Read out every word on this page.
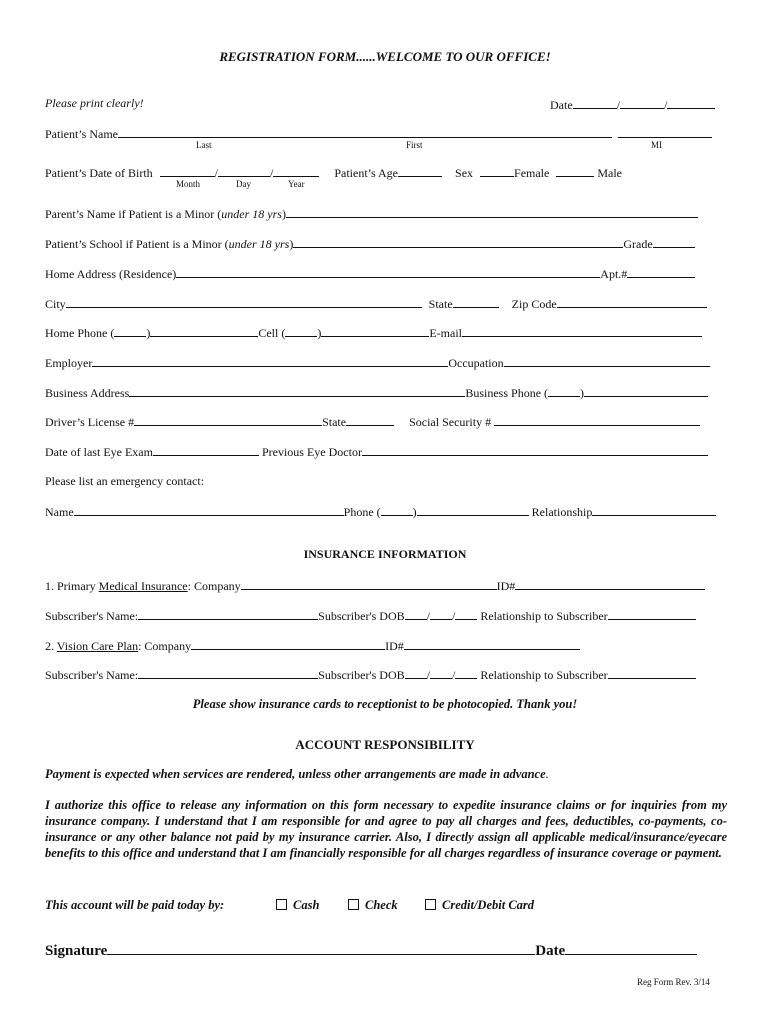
REGISTRATION FORM......WELCOME TO OUR OFFICE!
Please print clearly!	Date	/	/
Patient’s Name
Last	First	MI
Patient’s Date of Birth	/	/	Patient’s Age	Sex	Female	Male
Month	Day	Year
Parent’s Name if Patient is a Minor (under 18 yrs)
Patient’s School if Patient is a Minor (under 18 yrs)	Grade
Home Address (Residence)	Apt.#
City	State	Zip Code
Home Phone (	)	Cell (	)	E-mail
Employer	Occupation
Business Address	Business Phone (	)
Driver’s License #	State	Social Security #
Date of last Eye Exam	Previous Eye Doctor
Please list an emergency contact:
Name	Phone (	)	Relationship
INSURANCE INFORMATION
1. Primary Medical Insurance: Company	ID#
Subscriber's Name:	Subscriber's DOB / / Relationship to Subscriber
2. Vision Care Plan: Company	ID#
Subscriber's Name:	Subscriber's DOB / / Relationship to Subscriber
Please show insurance cards to receptionist to be photocopied. Thank you!
ACCOUNT RESPONSIBILITY
Payment is expected when services are rendered, unless other arrangements are made in advance.
I authorize this office to release any information on this form necessary to expedite insurance claims or for inquiries from my insurance company. I understand that I am responsible for and agree to pay all charges and fees, deductibles, co-payments, co-insurance or any other balance not paid by my insurance carrier. Also, I directly assign all applicable medical/insurance/eyecare benefits to this office and understand that I am financially responsible for all charges regardless of insurance coverage or payment.
This account will be paid today by:	Cash	Check	Credit/Debit Card
Signature	Date
Reg Form Rev. 3/14
